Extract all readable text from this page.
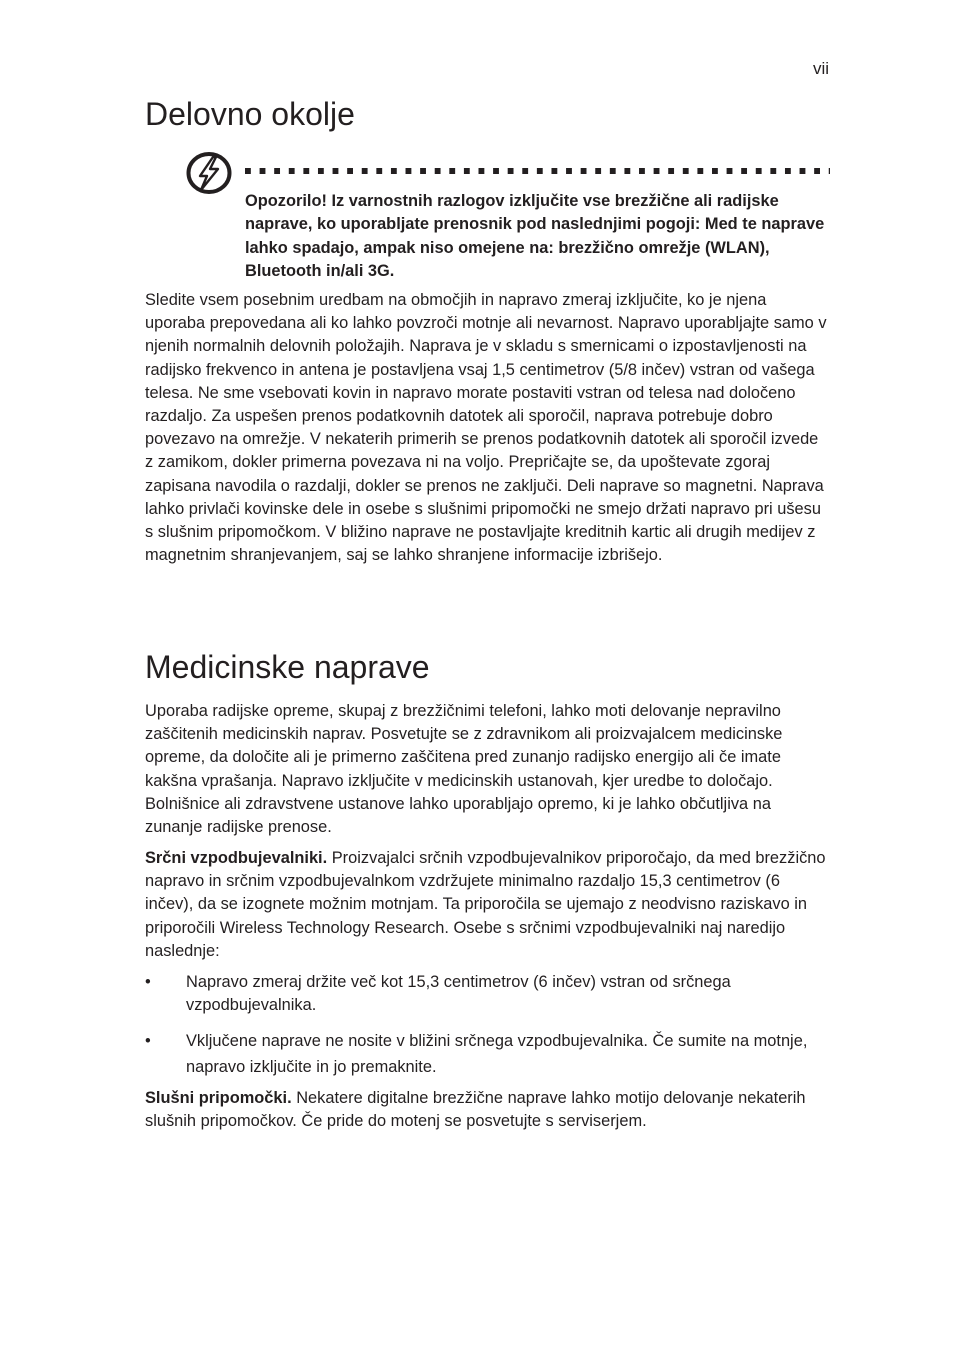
vii
Delovno okolje

Opozorilo! Iz varnostnih razlogov izključite vse brezžične ali radijske naprave, ko uporabljate prenosnik pod naslednjimi pogoji: Med te naprave lahko spadajo, ampak niso omejene na: brezžično omrežje (WLAN), Bluetooth in/ali 3G.

Sledite vsem posebnim uredbam na območjih in napravo zmeraj izključite, ko je njena uporaba prepovedana ali ko lahko povzroči motnje ali nevarnost. Napravo uporabljajte samo v njenih normalnih delovnih položajih. Naprava je v skladu s smernicami o izpostavljenosti na radijsko frekvenco in antena je postavljena vsaj 1,5 centimetrov (5/8 inčev) vstran od vašega telesa. Ne sme vsebovati kovin in napravo morate postaviti vstran od telesa nad določeno razdaljo. Za uspešen prenos podatkovnih datotek ali sporočil, naprava potrebuje dobro povezavo na omrežje. V nekaterih primerih se prenos podatkovnih datotek ali sporočil izvede z zamikom, dokler primerna povezava ni na voljo. Prepričajte se, da upoštevate zgoraj zapisana navodila o razdalji, dokler se prenos ne zaključi. Deli naprave so magnetni. Naprava lahko privlači kovinske dele in osebe s slušnimi pripomočki ne smejo držati napravo pri ušesu s slušnim pripomočkom. V bližino naprave ne postavljajte kreditnih kartic ali drugih medijev z magnetnim shranjevanjem, saj se lahko shranjene informacije izbrišejo.

Medicinske naprave

Uporaba radijske opreme, skupaj z brezžičnimi telefoni, lahko moti delovanje nepravilno zaščitenih medicinskih naprav. Posvetujte se z zdravnikom ali proizvajalcem medicinske opreme, da določite ali je primerno zaščitena pred zunanjo radijsko energijo ali če imate kakšna vprašanja. Napravo izključite v medicinskih ustanovah, kjer uredbe to določajo. Bolnišnice ali zdravstvene ustanove lahko uporabljajo opremo, ki je lahko občutljiva na zunanje radijske prenose.

Srčni vzpodbujevalniki. Proizvajalci srčnih vzpodbujevalnikov priporočajo, da med brezžično napravo in srčnim vzpodbujevalnkom vzdržujete minimalno razdaljo 15,3 centimetrov (6 inčev), da se izognete možnim motnjam. Ta priporočila se ujemajo z neodvisno raziskavo in priporočili Wireless Technology Research. Osebe s srčnimi vzpodbujevalniki naj naredijo naslednje:

•	Napravo zmeraj držite več kot 15,3 centimetrov (6 inčev) vstran od srčnega vzpodbujevalnika.
•	Vključene naprave ne nosite v bližini srčnega vzpodbujevalnika. Če sumite na motnje, napravo izključite in jo premaknite.

Slušni pripomočki. Nekatere digitalne brezžične naprave lahko motijo delovanje nekaterih slušnih pripomočkov. Če pride do motenj se posvetujte s serviserjem.
